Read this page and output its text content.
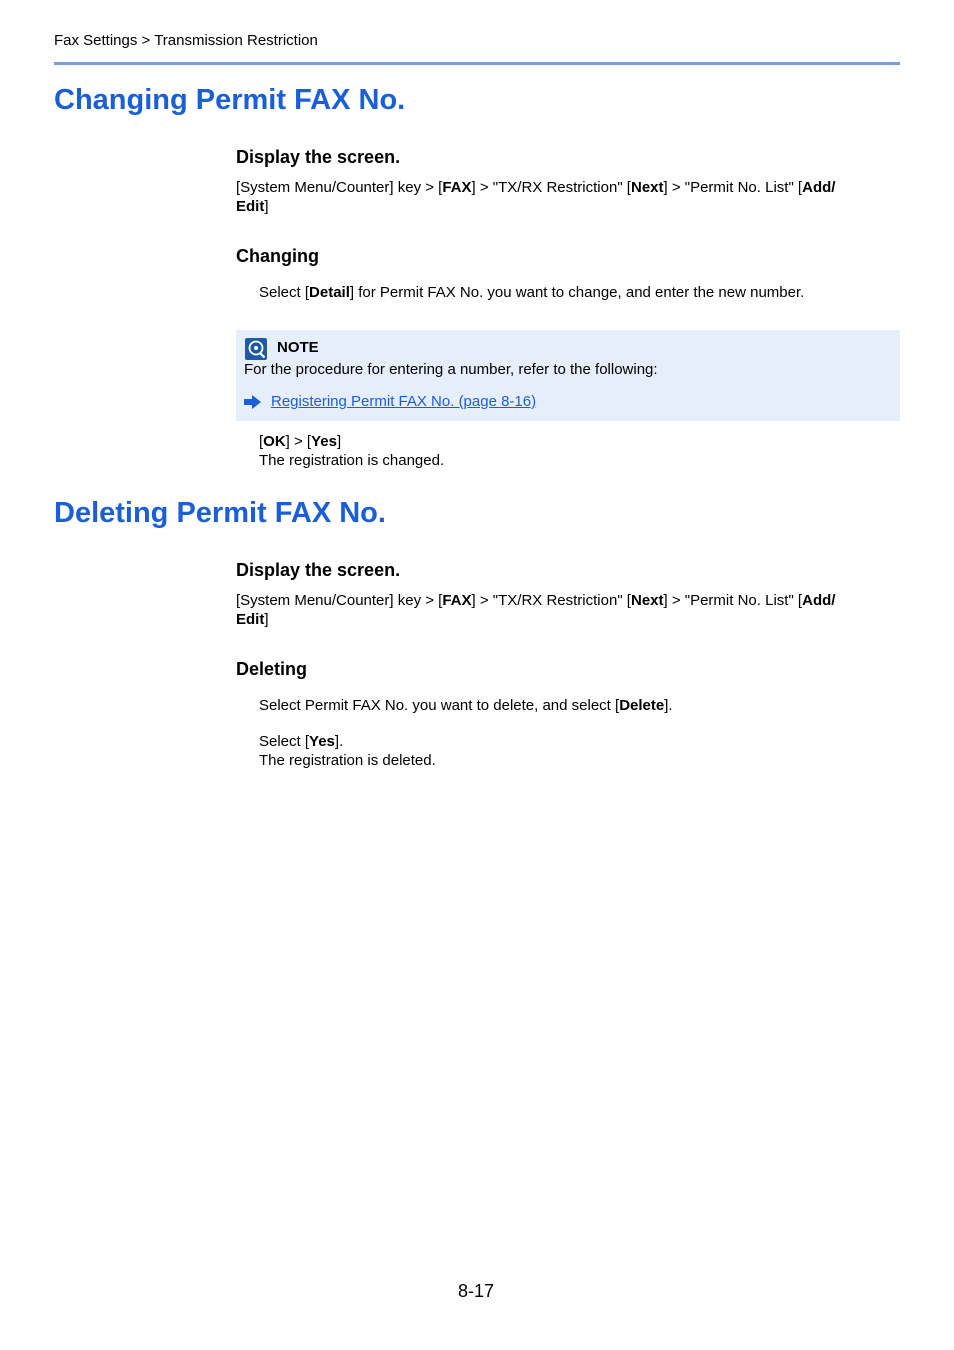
Fax Settings > Transmission Restriction
Changing Permit FAX No.
Display the screen.
[System Menu/Counter] key > [FAX] > "TX/RX Restriction" [Next] > "Permit No. List" [Add/
Edit]
Changing
Select [Detail] for Permit FAX No. you want to change, and enter the new number.
NOTE
For the procedure for entering a number, refer to the following:
Registering Permit FAX No. (page 8-16)
[OK] > [Yes]
The registration is changed.
Deleting Permit FAX No.
Display the screen.
[System Menu/Counter] key > [FAX] > "TX/RX Restriction" [Next] > "Permit No. List" [Add/
Edit]
Deleting
Select Permit FAX No. you want to delete, and select [Delete].
Select [Yes].
The registration is deleted.
8-17
